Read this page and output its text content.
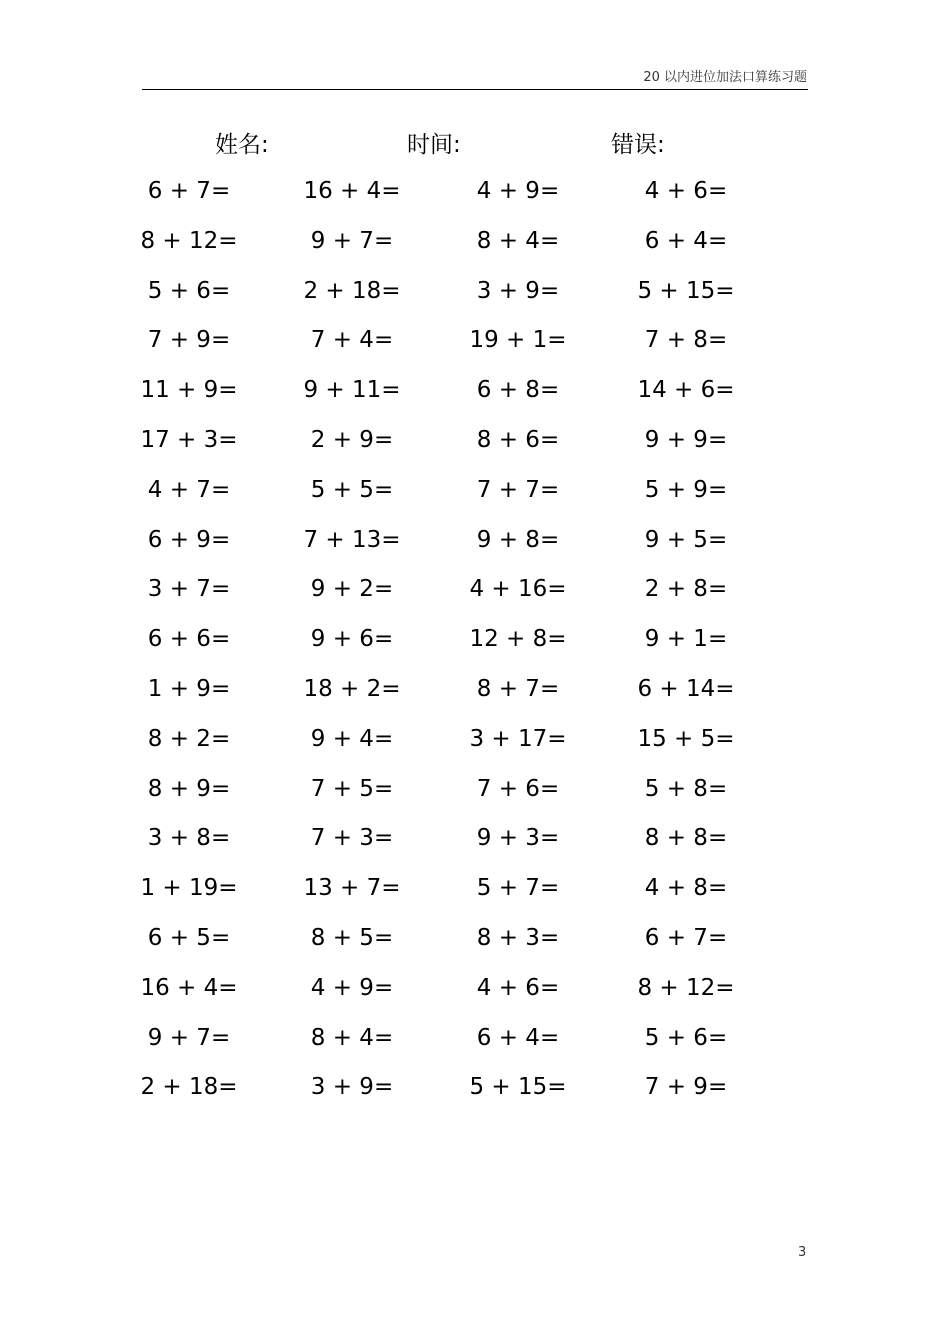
20 以内进位加法口算练习题
姓名:	时间:	错误:
6 + 7=	16 + 4=	4 + 9=	4 + 6=
8 + 12=	9 + 7=	8 + 4=	6 + 4=
5 + 6=	2 + 18=	3 + 9=	5 + 15=
7 + 9=	7 + 4=	19 + 1=	7 + 8=
11 + 9=	9 + 11=	6 + 8=	14 + 6=
17 + 3=	2 + 9=	8 + 6=	9 + 9=
4 + 7=	5 + 5=	7 + 7=	5 + 9=
6 + 9=	7 + 13=	9 + 8=	9 + 5=
3 + 7=	9 + 2=	4 + 16=	2 + 8=
6 + 6=	9 + 6=	12 + 8=	9 + 1=
1 + 9=	18 + 2=	8 + 7=	6 + 14=
8 + 2=	9 + 4=	3 + 17=	15 + 5=
8 + 9=	7 + 5=	7 + 6=	5 + 8=
3 + 8=	7 + 3=	9 + 3=	8 + 8=
1 + 19=	13 + 7=	5 + 7=	4 + 8=
6 + 5=	8 + 5=	8 + 3=	6 + 7=
16 + 4=	4 + 9=	4 + 6=	8 + 12=
9 + 7=	8 + 4=	6 + 4=	5 + 6=
2 + 18=	3 + 9=	5 + 15=	7 + 9=
3
